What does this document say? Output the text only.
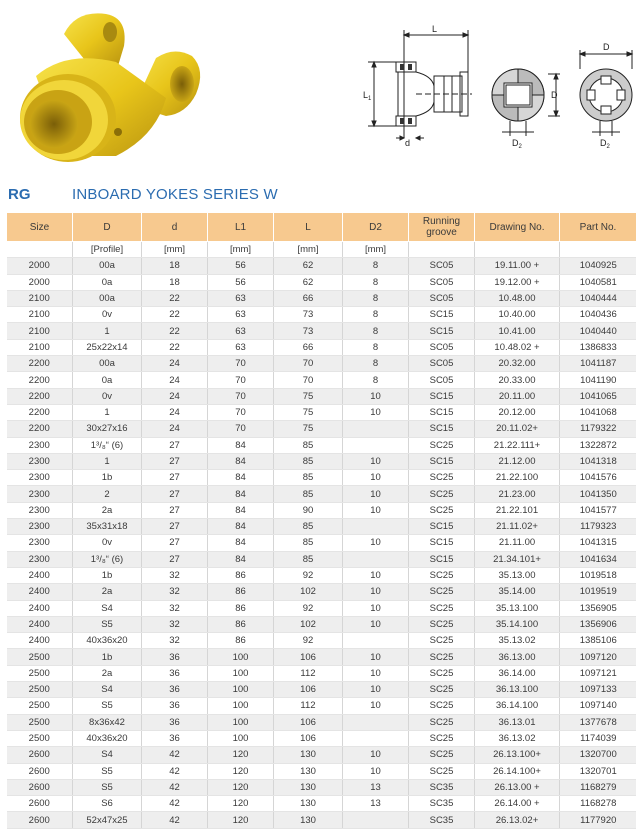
L
$L_1$
d
D
$D_2$
D
$D_2$
RG	INBOARD YOKES SERIES W
Size	D	d	L1	L	D2	Running groove	Drawing No.	Part No.
	[Profile]	[mm]	[mm]	[mm]	[mm]			
2000	00a	18	56	62	8	SC05	19.11.00 +	1040925
2000	0a	18	56	62	8	SC05	19.12.00 +	1040581
2100	00a	22	63	66	8	SC05	10.48.00	1040444
2100	0v	22	63	73	8	SC15	10.40.00	1040436
2100	1	22	63	73	8	SC15	10.41.00	1040440
2100	25x22x14	22	63	66	8	SC05	10.48.02 +	1386833
2200	00a	24	70	70	8	SC05	20.32.00	1041187
2200	0a	24	70	70	8	SC05	20.33.00	1041190
2200	0v	24	70	75	10	SC15	20.11.00	1041065
2200	1	24	70	75	10	SC15	20.12.00	1041068
2200	30x27x16	24	70	75		SC15	20.11.02+	1179322
2300	1³/₈“ (6)	27	84	85		SC25	21.22.111+	1322872
2300	1	27	84	85	10	SC15	21.12.00	1041318
2300	1b	27	84	85	10	SC25	21.22.100	1041576
2300	2	27	84	85	10	SC25	21.23.00	1041350
2300	2a	27	84	90	10	SC25	21.22.101	1041577
2300	35x31x18	27	84	85		SC15	21.11.02+	1179323
2300	0v	27	84	85	10	SC15	21.11.00	1041315
2300	1³/₈“ (6)	27	84	85		SC15	21.34.101+	1041634
2400	1b	32	86	92	10	SC25	35.13.00	1019518
2400	2a	32	86	102	10	SC25	35.14.00	1019519
2400	S4	32	86	92	10	SC25	35.13.100	1356905
2400	S5	32	86	102	10	SC25	35.14.100	1356906
2400	40x36x20	32	86	92		SC25	35.13.02	1385106
2500	1b	36	100	106	10	SC25	36.13.00	1097120
2500	2a	36	100	112	10	SC25	36.14.00	1097121
2500	S4	36	100	106	10	SC25	36.13.100	1097133
2500	S5	36	100	112	10	SC25	36.14.100	1097140
2500	8x36x42	36	100	106		SC25	36.13.01	1377678
2500	40x36x20	36	100	106		SC25	36.13.02	1174039
2600	S4	42	120	130	10	SC25	26.13.100+	1320700
2600	S5	42	120	130	10	SC25	26.14.100+	1320701
2600	S5	42	120	130	13	SC35	26.13.00 +	1168279
2600	S6	42	120	130	13	SC35	26.14.00 +	1168278
2600	52x47x25	42	120	130		SC35	26.13.02+	1177920
